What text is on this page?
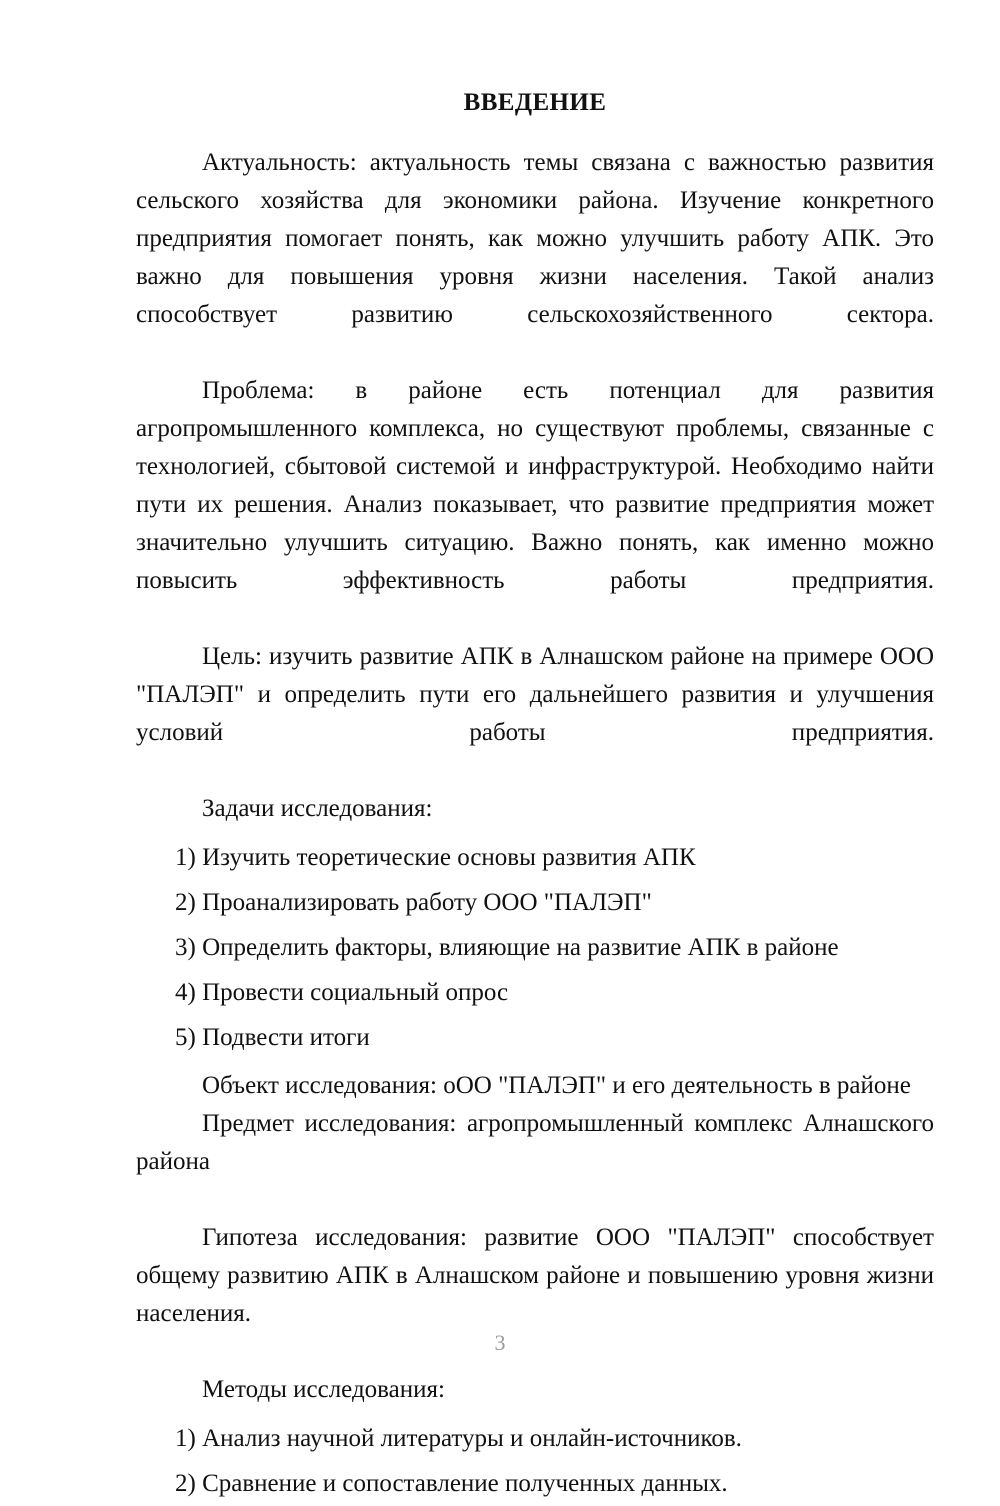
ВВЕДЕНИЕ

Актуальность: актуальность темы связана с важностью развития сельского хозяйства для экономики района. Изучение конкретного предприятия помогает понять, как можно улучшить работу АПК. Это важно для повышения уровня жизни населения. Такой анализ способствует развитию сельскохозяйственного сектора.

Проблема: в районе есть потенциал для развития агропромышленного комплекса, но существуют проблемы, связанные с технологией, сбытовой системой и инфраструктурой. Необходимо найти пути их решения. Анализ показывает, что развитие предприятия может значительно улучшить ситуацию. Важно понять, как именно можно повысить эффективность работы предприятия.

Цель: изучить развитие АПК в Алнашском районе на примере ООО "ПАЛЭП" и определить пути его дальнейшего развития и улучшения условий работы предприятия.

Задачи исследования:

1) Изучить теоретические основы развития АПК
2) Проанализировать работу ООО "ПАЛЭП"
3) Определить факторы, влияющие на развитие АПК в районе
4) Провести социальный опрос
5) Подвести итоги

Объект исследования: оОО "ПАЛЭП" и его деятельность в районе

Предмет исследования: агропромышленный комплекс Алнашского района

Гипотеза исследования: развитие ООО "ПАЛЭП" способствует общему развитию АПК в Алнашском районе и повышению уровня жизни населения.

Методы исследования:

1) Анализ научной литературы и онлайн-источников.
2) Сравнение и сопоставление полученных данных.
3
